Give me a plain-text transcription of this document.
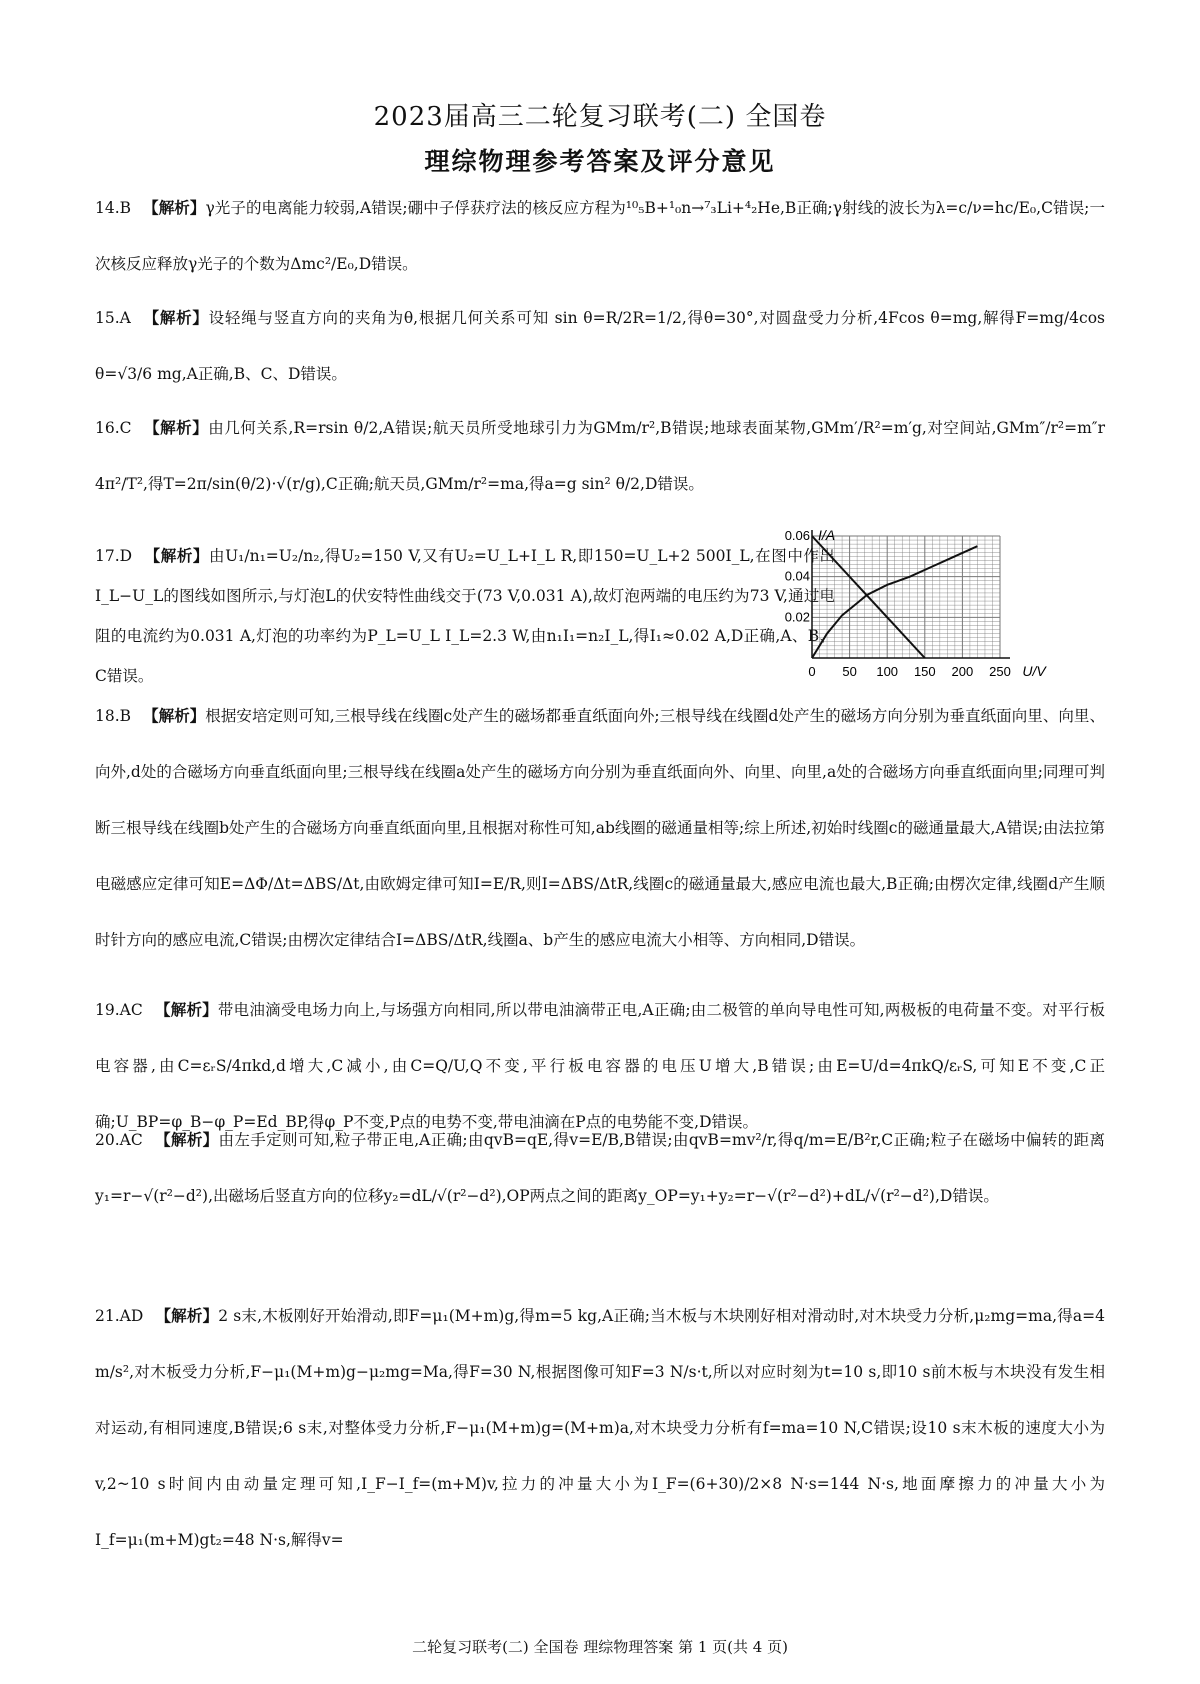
2023届高三二轮复习联考(二) 全国卷
理综物理参考答案及评分意见

14.B 【解析】γ光子的电离能力较弱,A错误;硼中子俘获疗法的核反应方程为¹⁰₅B+¹₀n→⁷₃Li+⁴₂He,B正确;γ射线的波长为λ=c/ν=hc/E₀,C错误;一次核反应释放γ光子的个数为Δmc²/E₀,D错误。

15.A 【解析】设轻绳与竖直方向的夹角为θ,根据几何关系可知 sin θ=R/2R=1/2,得θ=30°,对圆盘受力分析,4Fcos θ=mg,解得F=mg/4cos θ=√3/6 mg,A正确,B、C、D错误。

16.C 【解析】由几何关系,R=rsin θ/2,A错误;航天员所受地球引力为GMm/r²,B错误;地球表面某物,GMm′/R²=m′g,对空间站,GMm″/r²=m″r 4π²/T²,得T=2π/sin(θ/2)·√(r/g),C正确;航天员,GMm/r²=ma,得a=g sin² θ/2,D错误。

17.D 【解析】由U₁/n₁=U₂/n₂,得U₂=150 V,又有U₂=U_L+I_L R,即150=U_L+2 500I_L,在图中作出I_L−U_L的图线如图所示,与灯泡L的伏安特性曲线交于(73 V,0.031 A),故灯泡两端的电压约为73 V,通过电阻的电流约为0.031 A,灯泡的功率约为P_L=U_L I_L=2.3 W,由n₁I₁=n₂I_L,得I₁≈0.02 A,D正确,A、B、C错误。	0 50 100 150 200 250
0.02
0.04
0.06 I/A
U/V

18.B 【解析】根据安培定则可知,三根导线在线圈c处产生的磁场都垂直纸面向外;三根导线在线圈d处产生的磁场方向分别为垂直纸面向里、向里、向外,d处的合磁场方向垂直纸面向里;三根导线在线圈a处产生的磁场方向分别为垂直纸面向外、向里、向里,a处的合磁场方向垂直纸面向里;同理可判断三根导线在线圈b处产生的合磁场方向垂直纸面向里,且根据对称性可知,ab线圈的磁通量相等;综上所述,初始时线圈c的磁通量最大,A错误;由法拉第电磁感应定律可知E=ΔΦ/Δt=ΔBS/Δt,由欧姆定律可知I=E/R,则I=ΔBS/ΔtR,线圈c的磁通量最大,感应电流也最大,B正确;由楞次定律,线圈d产生顺时针方向的感应电流,C错误;由楞次定律结合I=ΔBS/ΔtR,线圈a、b产生的感应电流大小相等、方向相同,D错误。

19.AC 【解析】带电油滴受电场力向上,与场强方向相同,所以带电油滴带正电,A正确;由二极管的单向导电性可知,两极板的电荷量不变。对平行板电容器,由C=εᵣS/4πkd,d增大,C减小,由C=Q/U,Q不变,平行板电容器的电压U增大,B错误;由E=U/d=4πkQ/εᵣS,可知E不变,C正确;U_BP=φ_B−φ_P=Ed_BP,得φ_P不变,P点的电势不变,带电油滴在P点的电势能不变,D错误。

20.AC 【解析】由左手定则可知,粒子带正电,A正确;由qvB=qE,得v=E/B,B错误;由qvB=mv²/r,得q/m=E/B²r,C正确;粒子在磁场中偏转的距离y₁=r−√(r²−d²),出磁场后竖直方向的位移y₂=dL/√(r²−d²),OP两点之间的距离y_OP=y₁+y₂=r−√(r²−d²)+dL/√(r²−d²),D错误。

21.AD 【解析】2 s末,木板刚好开始滑动,即F=μ₁(M+m)g,得m=5 kg,A正确;当木板与木块刚好相对滑动时,对木块受力分析,μ₂mg=ma,得a=4 m/s²,对木板受力分析,F−μ₁(M+m)g−μ₂mg=Ma,得F=30 N,根据图像可知F=3 N/s·t,所以对应时刻为t=10 s,即10 s前木板与木块没有发生相对运动,有相同速度,B错误;6 s末,对整体受力分析,F−μ₁(M+m)g=(M+m)a,对木块受力分析有f=ma=10 N,C错误;设10 s末木板的速度大小为v,2~10 s时间内由动量定理可知,I_F−I_f=(m+M)v,拉力的冲量大小为I_F=(6+30)/2×8 N·s=144 N·s,地面摩擦力的冲量大小为I_f=μ₁(m+M)gt₂=48 N·s,解得v=

二轮复习联考(二) 全国卷 理综物理答案 第 1 页(共 4 页)
